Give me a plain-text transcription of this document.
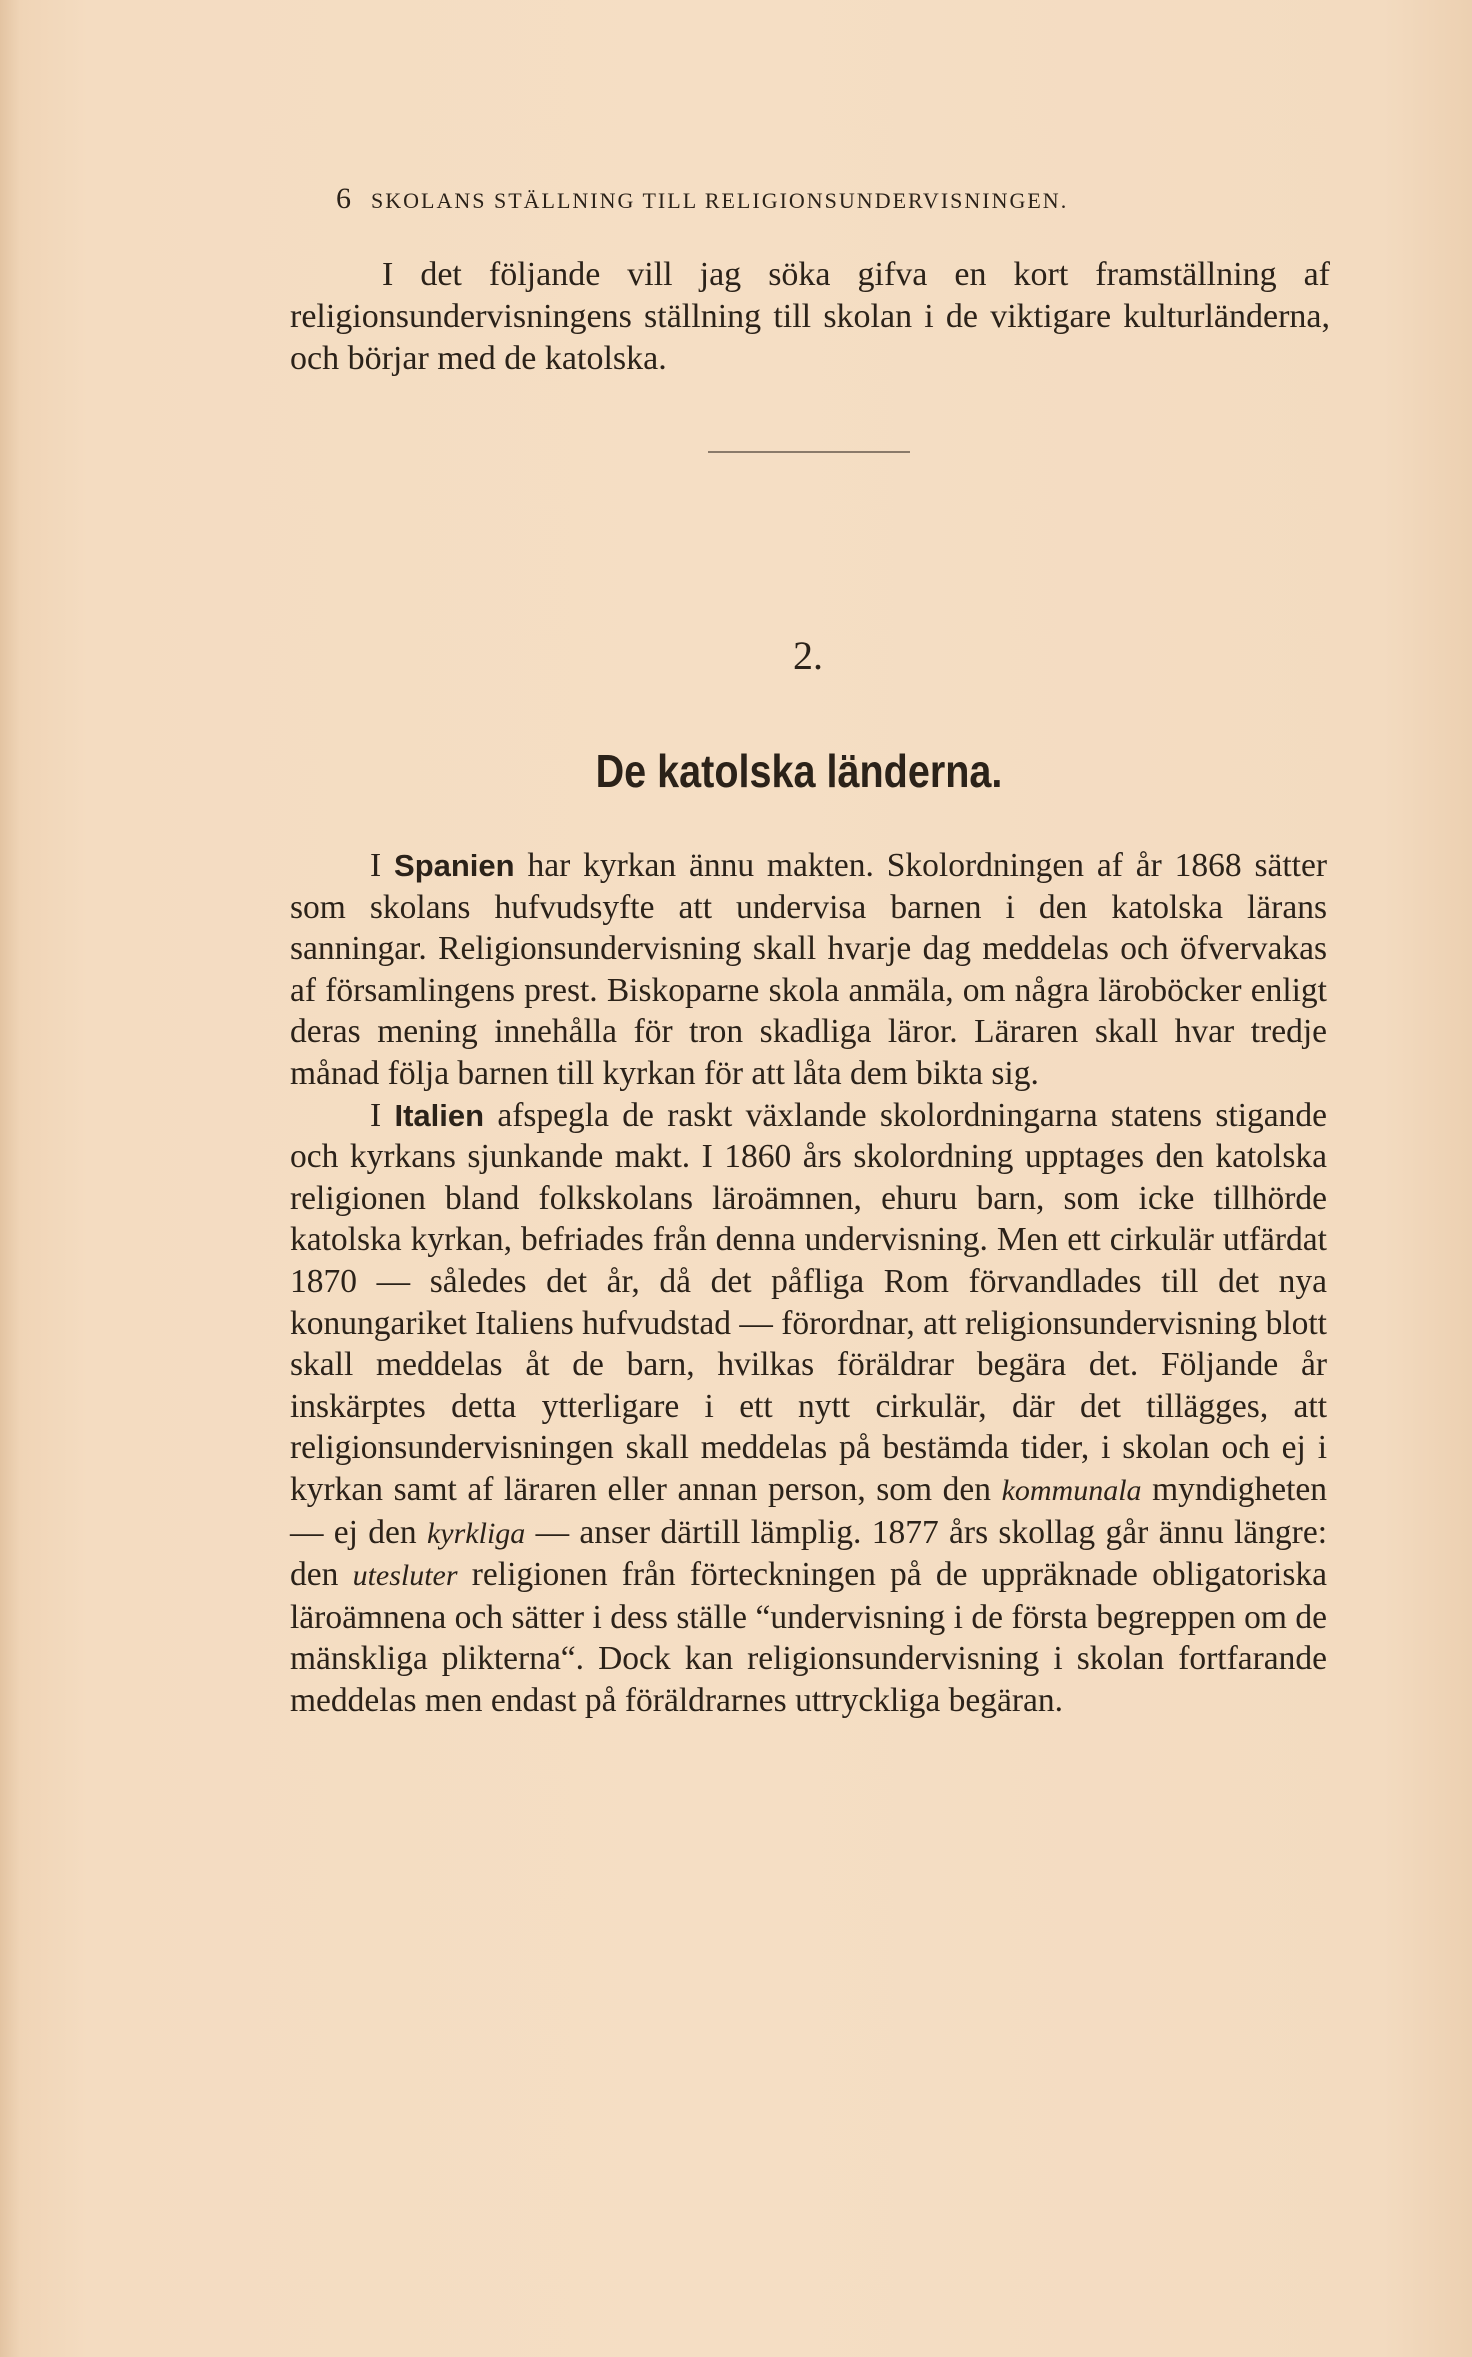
6 SKOLANS STÄLLNING TILL RELIGIONSUNDERVISNINGEN.

I det följande vill jag söka gifva en kort framställning af religionsundervisningens ställning till skolan i de viktigare kulturländerna, och börjar med de katolska.

2.
De katolska länderna.

I Spanien har kyrkan ännu makten. Skolordningen af år 1868 sätter som skolans hufvudsyfte att undervisa barnen i den katolska lärans sanningar. Religionsundervisning skall hvarje dag meddelas och öfvervakas af församlingens prest. Biskoparne skola anmäla, om några läroböcker enligt deras mening innehålla för tron skadliga läror. Läraren skall hvar tredje månad följa barnen till kyrkan för att låta dem bikta sig.

I Italien afspegla de raskt växlande skolordningarna statens stigande och kyrkans sjunkande makt. I 1860 års skolordning upptages den katolska religionen bland folkskolans läroämnen, ehuru barn, som icke tillhörde katolska kyrkan, befriades från denna undervisning. Men ett cirkulär utfärdat 1870 — således det år, då det påfliga Rom förvandlades till det nya konungariket Italiens hufvudstad — förordnar, att religionsundervisning blott skall meddelas åt de barn, hvilkas föräldrar begära det. Följande år inskärptes detta ytterligare i ett nytt cirkulär, där det tillägges, att religionsundervisningen skall meddelas på bestämda tider, i skolan och ej i kyrkan samt af läraren eller annan person, som den kommunala myndigheten — ej den kyrkliga — anser därtill lämplig. 1877 års skollag går ännu längre: den utesluter religionen från förteckningen på de uppräknade obligatoriska läroämnena och sätter i dess ställe “undervisning i de första begreppen om de mänskliga plikterna“. Dock kan religionsundervisning i skolan fortfarande meddelas men endast på föräldrarnes uttryckliga begäran.
